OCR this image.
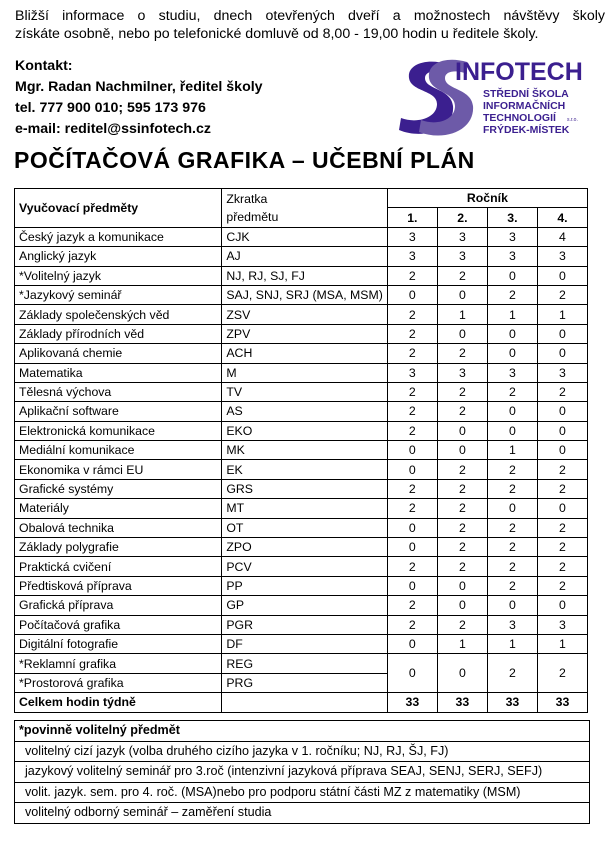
Bližší informace o studiu, dnech otevřených dveří a možnostech návštěvy školy

získáte osobně, nebo po telefonické domluvě od 8,00 - 19,00 hodin u ředitele školy.

Kontakt:
Mgr. Radan Nachmilner, ředitel školy
tel. 777 900 010; 595 173 976
e-mail: reditel@ssinfotech.cz
INFOTECH
STŘEDNÍ ŠKOLA
INFORMAČNÍCH
TECHNOLOGIÍ s.r.o.
FRÝDEK-MÍSTEK
POČÍTAČOVÁ GRAFIKA – UČEBNÍ PLÁN
Vyučovací předměty	Zkratka
předmětu	Ročník			
		1.	2.	3.	4.
Český jazyk a komunikace	CJK	3	3	3	4
Anglický jazyk	AJ	3	3	3	3
*Volitelný jazyk	NJ, RJ, SJ, FJ	2	2	0	0
*Jazykový seminář	SAJ, SNJ, SRJ (MSA, MSM)	0	0	2	2
Základy společenských věd	ZSV	2	1	1	1
Základy přírodních věd	ZPV	2	0	0	0
Aplikovaná chemie	ACH	2	2	0	0
Matematika	M	3	3	3	3
Tělesná výchova	TV	2	2	2	2
Aplikační software	AS	2	2	0	0
Elektronická komunikace	EKO	2	0	0	0
Mediální komunikace	MK	0	0	1	0
Ekonomika v rámci EU	EK	0	2	2	2
Grafické systémy	GRS	2	2	2	2
Materiály	MT	2	2	0	0
Obalová technika	OT	0	2	2	2
Základy polygrafie	ZPO	0	2	2	2
Praktická cvičení	PCV	2	2	2	2
Předtisková příprava	PP	0	0	2	2
Grafická příprava	GP	2	0	0	0
Počítačová grafika	PGR	2	2	3	3
Digitální fotografie	DF	0	1	1	1
*Reklamní grafika	REG	0	0	2	2
*Prostorová grafika	PRG				
Celkem hodin týdně		33	33	33	33
*povinně volitelný předmět
volitelný cizí jazyk (volba druhého cizího jazyka v 1. ročníku; NJ, RJ, ŠJ, FJ)
jazykový volitelný seminář pro 3.roč (intenzivní jazyková příprava SEAJ, SENJ, SERJ, SEFJ)
volit. jazyk. sem. pro 4. roč. (MSA)nebo pro podporu státní části MZ z matematiky (MSM)
volitelný odborný seminář – zaměření studia
